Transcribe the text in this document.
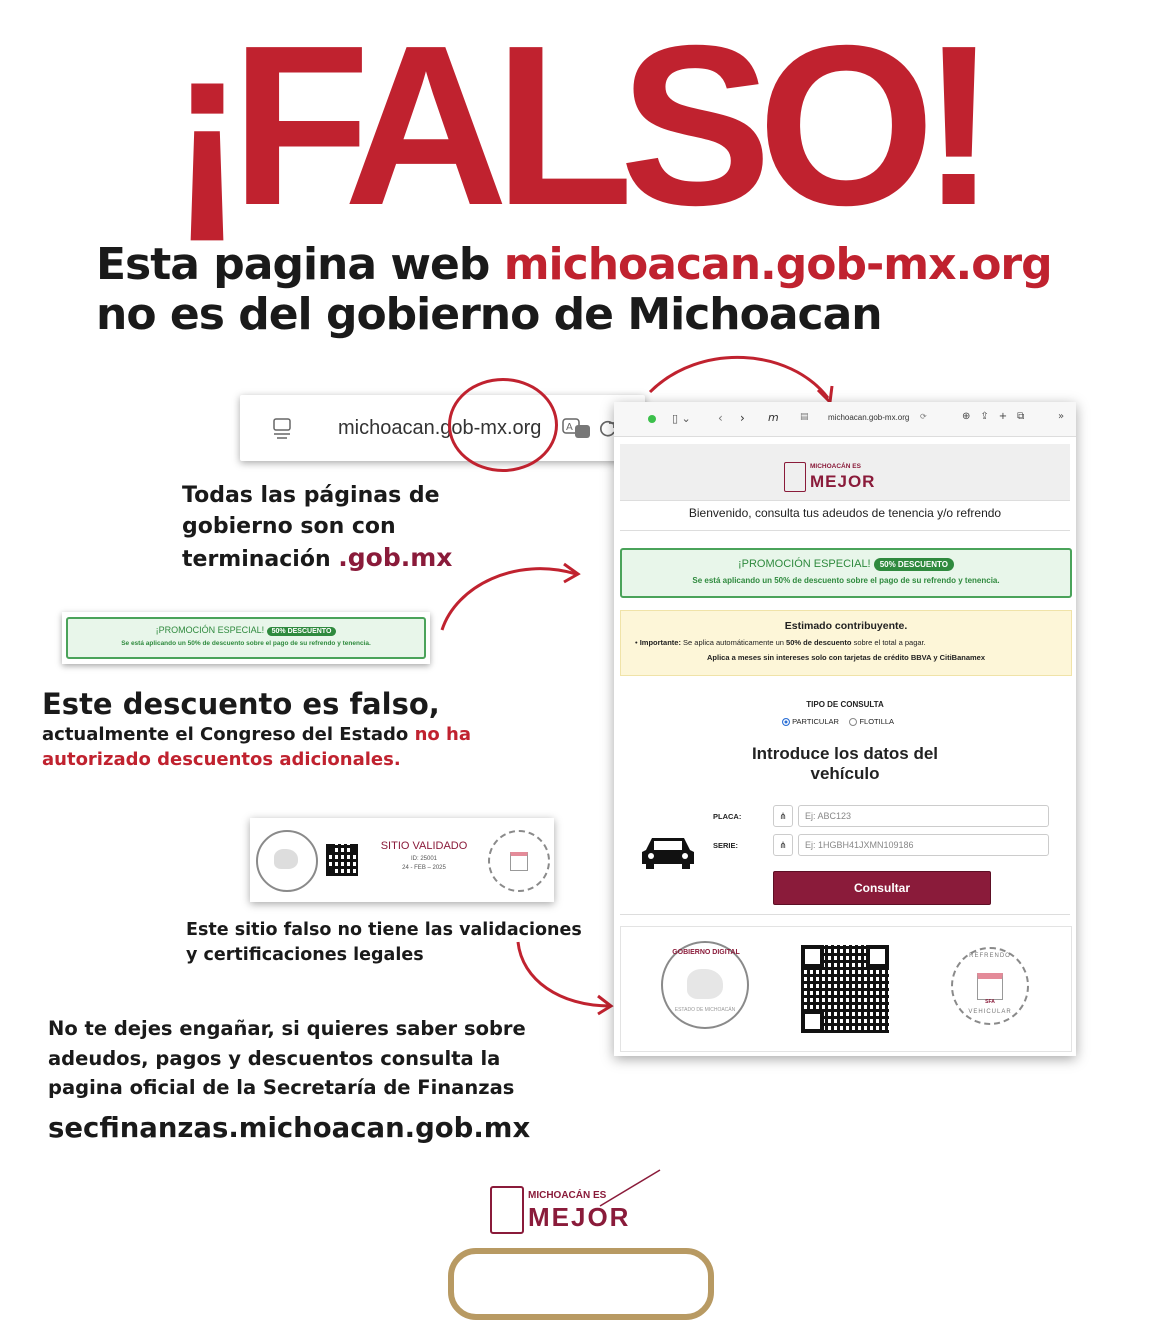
¡FALSO!
Esta pagina web michoacan.gob-mx.org
no es del gobierno de Michoacan
michoacan.gob-mx.org A
Todas las páginas de
gobierno son con
terminación .gob.mx
¡PROMOCIÓN ESPECIAL! 50% DESCUENTO
Se está aplicando un 50% de descuento sobre el pago de su refrendo y tenencia.
Este descuento es falso,
actualmente el Congreso del Estado no ha
autorizado descuentos adicionales.
SITIO VALIDADO
ID: 25001
24 - FEB – 2025
Este sitio falso no tiene las validaciones
y certificaciones legales
No te dejes engañar, si quieres saber sobre
adeudos, pagos y descuentos consulta la
pagina oficial de la Secretaría de Finanzas
secfinanzas.michoacan.gob.mx
▯ ⌄ ‹ › m ▤ michoacan.gob-mx.org ⟳	⊕⇪+⧉ »
MICHOACÁN ES
MEJOR
Bienvenido, consulta tus adeudos de tenencia y/o refrendo
¡PROMOCIÓN ESPECIAL! 50% DESCUENTO
Se está aplicando un 50% de descuento sobre el pago de su refrendo y tenencia.
Estimado contribuyente.
• Importante: Se aplica automáticamente un 50% de descuento sobre el total a pagar.
Aplica a meses sin intereses solo con tarjetas de crédito BBVA y CitiBanamex
TIPO DE CONSULTA
PARTICULAR	FLOTILLA
Introduce los datos del
vehículo
PLACA:	⋔	Ej: ABC123
SERIE:	⋔	Ej: 1HGBH41JXMN109186
Consultar
GOBIERNO DIGITAL
ESTADO DE MICHOACÁN
REFRENDO
SFA
VEHICULAR
MICHOACÁN ES
MEJOR
